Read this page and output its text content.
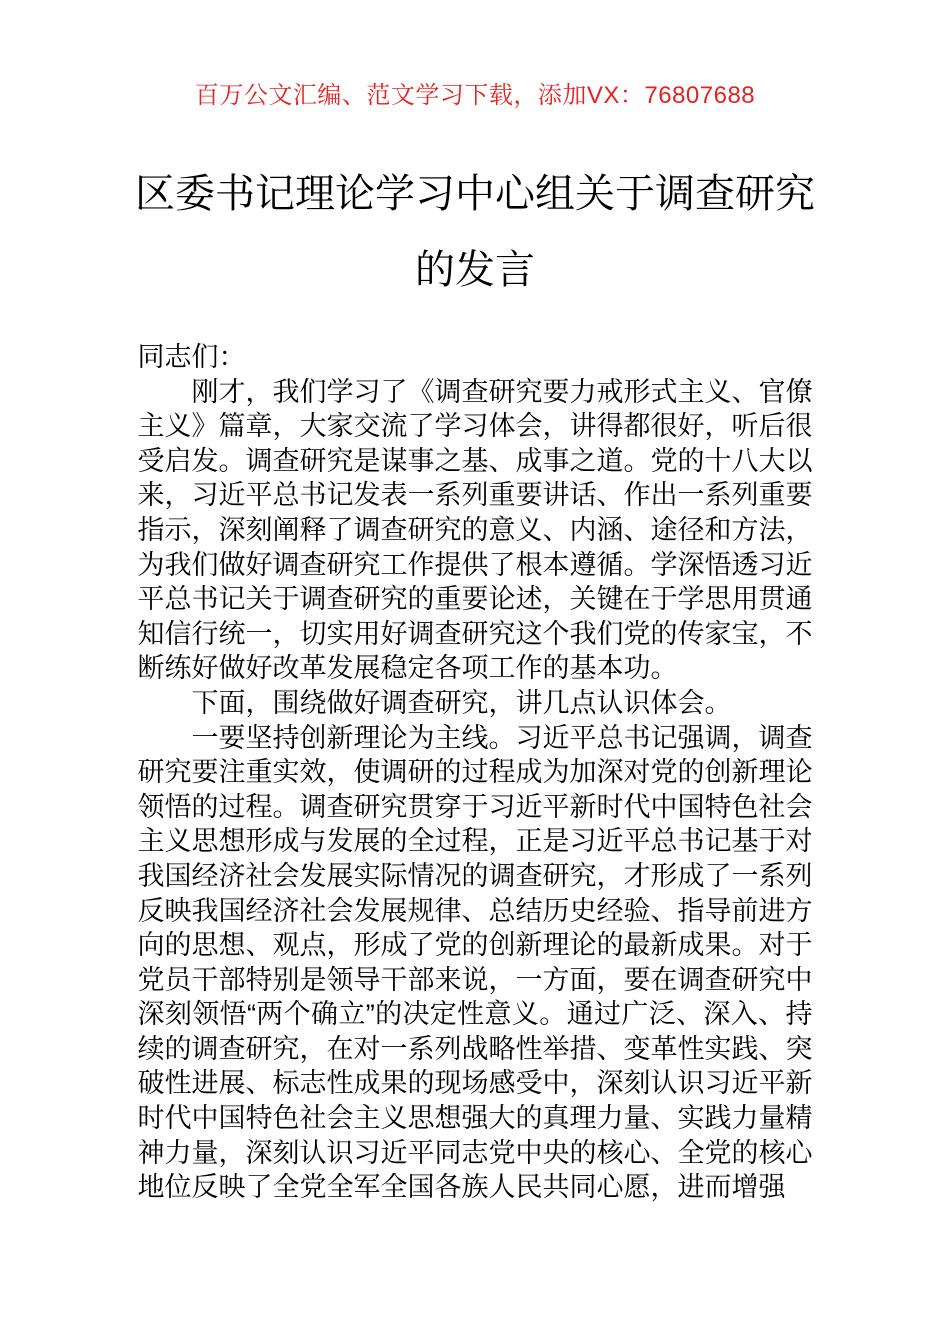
百万公文汇编、范文学习下载，添加VX：76807688
区委书记理论学习中心组关于调查研究的发言

同志们：

刚才，我们学习了《调查研究要力戒形式主义、官僚主义》篇章，大家交流了学习体会，讲得都很好，听后很受启发。调查研究是谋事之基、成事之道。党的十八大以来，习近平总书记发表一系列重要讲话、作出一系列重要指示，深刻阐释了调查研究的意义、内涵、途径和方法，为我们做好调查研究工作提供了根本遵循。学深悟透习近平总书记关于调查研究的重要论述，关键在于学思用贯通知信行统一，切实用好调查研究这个我们党的传家宝，不断练好做好改革发展稳定各项工作的基本功。

下面，围绕做好调查研究，讲几点认识体会。

一要坚持创新理论为主线。习近平总书记强调，调查研究要注重实效，使调研的过程成为加深对党的创新理论领悟的过程。调查研究贯穿于习近平新时代中国特色社会主义思想形成与发展的全过程，正是习近平总书记基于对我国经济社会发展实际情况的调查研究，才形成了一系列反映我国经济社会发展规律、总结历史经验、指导前进方向的思想、观点，形成了党的创新理论的最新成果。对于党员干部特别是领导干部来说，一方面，要在调查研究中深刻领悟“两个确立”的决定性意义。通过广泛、深入、持续的调查研究，在对一系列战略性举措、变革性实践、突破性进展、标志性成果的现场感受中，深刻认识习近平新时代中国特色社会主义思想强大的真理力量、实践力量精神力量，深刻认识习近平同志党中央的核心、全党的核心地位反映了全党全军全国各族人民共同心愿，进而增强
